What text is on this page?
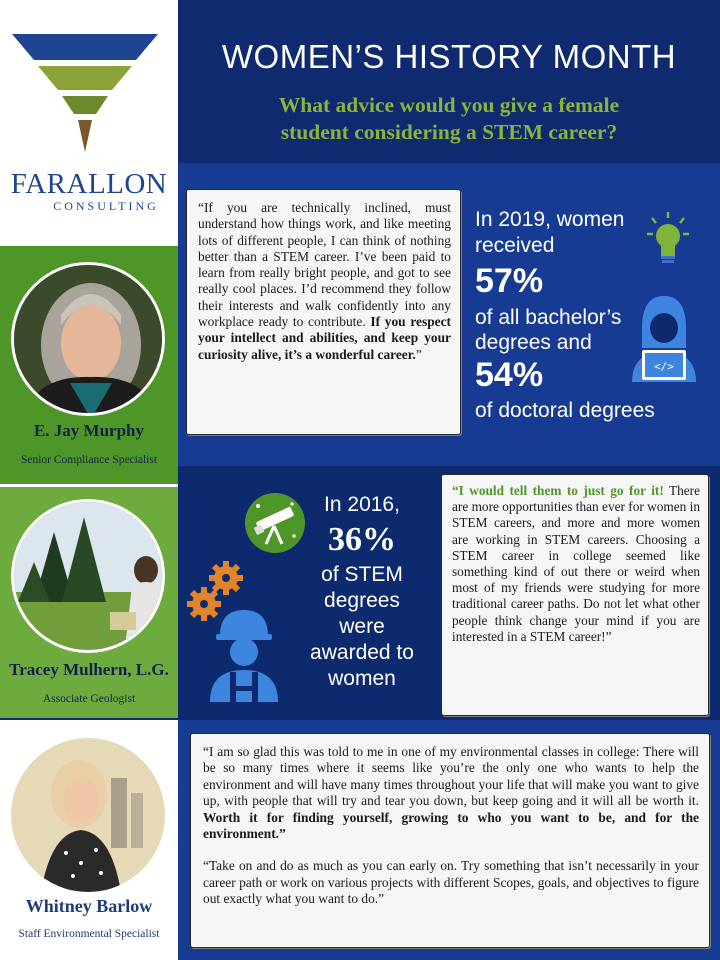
FARALLON
CONSULTING
E. Jay Murphy
Senior Compliance Specialist
Tracey Mulhern, L.G.
Associate Geologist
Whitney Barlow
Staff Environmental Specialist
WOMEN’S HISTORY MONTH
What advice would you give a female
student considering a STEM career?
“If you are technically inclined, must understand how things work, and like meeting lots of different people, I can think of nothing better than a STEM career. I’ve been paid to learn from really bright people, and got to see really cool places. I’d recommend they follow their interests and walk confidently into any workplace ready to contribute. If you respect your intellect and abilities, and keep your curiosity alive, it’s a wonderful career.”
In 2019, women
received
57%
of all bachelor’s
degrees and
54%
of doctoral degrees
</>
In 2016,
36%
of STEM
degrees
were
awarded to
women
“I would tell them to just go for it! There are more opportunities than ever for women in STEM careers, and more and more women are working in STEM careers. Choosing a STEM career in college seemed like something kind of out there or weird when most of my friends were studying for more traditional career paths. Do not let what other people think change your mind if you are interested in a STEM career!”

“I am so glad this was told to me in one of my environmental classes in college: There will be so many times where it seems like you’re the only one who wants to help the environment and will have many times throughout your life that will make you want to give up, with people that will try and tear you down, but keep going and it will all be worth it. Worth it for finding yourself, growing to who you want to be, and for the environment.”

“Take on and do as much as you can early on. Try something that isn’t necessarily in your career path or work on various projects with different Scopes, goals, and objectives to figure out exactly what you want to do.”
